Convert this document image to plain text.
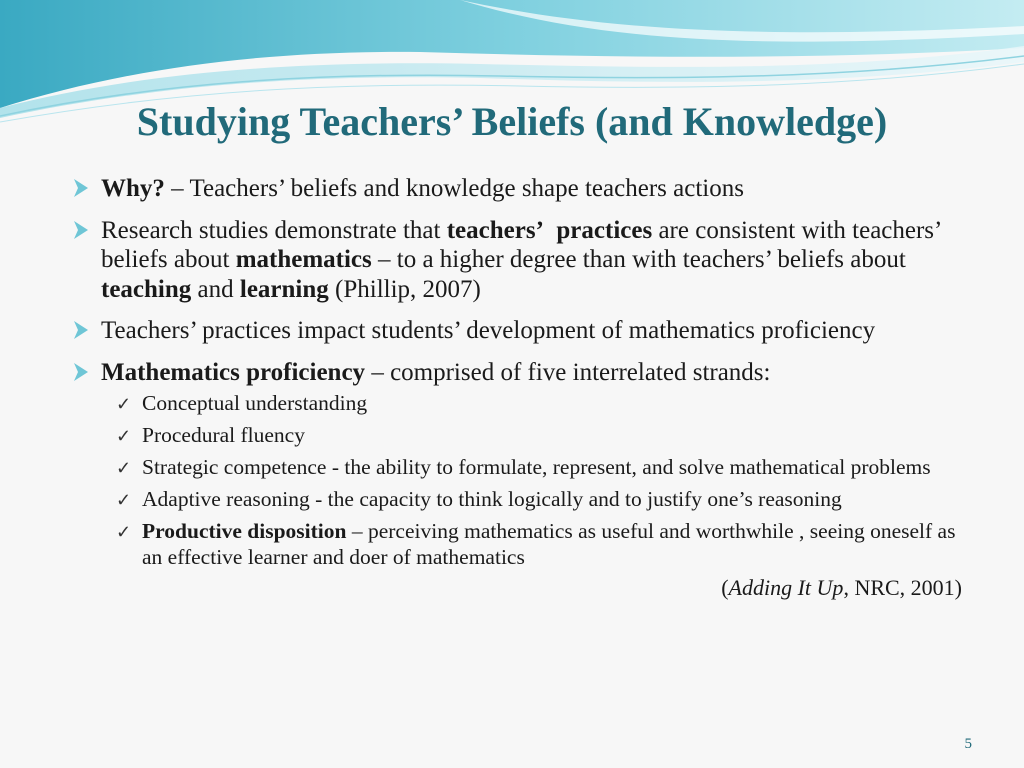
Studying Teachers’ Beliefs (and Knowledge)
Why? – Teachers’ beliefs and knowledge shape teachers actions
Research studies demonstrate that teachers’ practices are consistent with teachers’ beliefs about mathematics – to a higher degree than with teachers’ beliefs about teaching and learning (Phillip, 2007)
Teachers’ practices impact students’ development of mathematics proficiency
Mathematics proficiency – comprised of five interrelated strands:
✓ Conceptual understanding
✓ Procedural fluency
✓ Strategic competence - the ability to formulate, represent, and solve mathematical problems
✓ Adaptive reasoning - the capacity to think logically and to justify one’s reasoning
✓ Productive disposition – perceiving mathematics as useful and worthwhile , seeing oneself as an effective learner and doer of mathematics
(Adding It Up, NRC, 2001)
5
